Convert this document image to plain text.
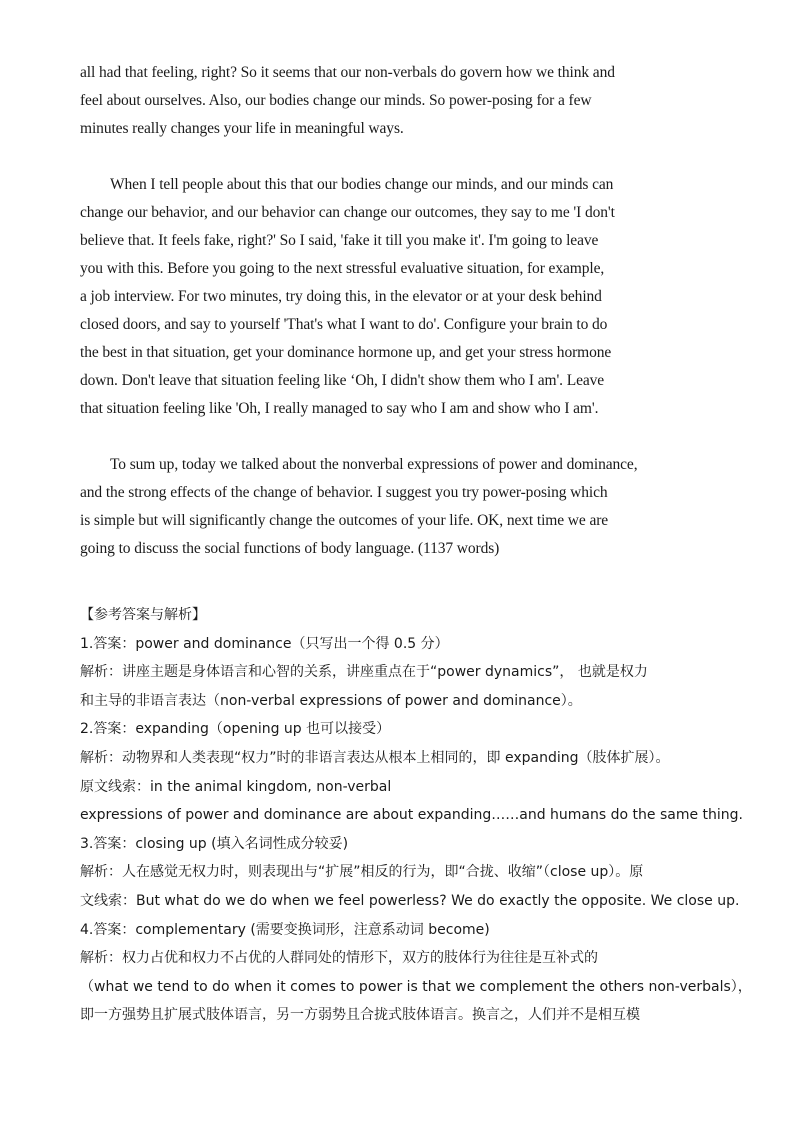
all had that feeling, right? So it seems that our non-verbals do govern how we think and
feel about ourselves. Also, our bodies change our minds. So power-posing for a few
minutes really changes your life in meaningful ways.
When I tell people about this that our bodies change our minds, and our minds can
change our behavior, and our behavior can change our outcomes, they say to me 'I don't
believe that. It feels fake, right?' So I said, 'fake it till you make it'. I'm going to leave
you with this. Before you going to the next stressful evaluative situation, for example,
a job interview. For two minutes, try doing this, in the elevator or at your desk behind
closed doors, and say to yourself 'That's what I want to do'. Configure your brain to do
the best in that situation, get your dominance hormone up, and get your stress hormone
down. Don't leave that situation feeling like ‘Oh, I didn't show them who I am'. Leave
that situation feeling like 'Oh, I really managed to say who I am and show who I am'.
To sum up, today we talked about the nonverbal expressions of power and dominance,
and the strong effects of the change of behavior. I suggest you try power-posing which
is simple but will significantly change the outcomes of your life. OK, next time we are
going to discuss the social functions of body language. (1137 words)
【参考答案与解析】
1.答案：power and dominance（只写出一个得 0.5 分）
解析：讲座主题是身体语言和心智的关系，讲座重点在于“power dynamics”， 也就是权力
和主导的非语言表达（non-verbal expressions of power and dominance）。
2.答案：expanding（opening up 也可以接受）
解析：动物界和人类表现“权力”时的非语言表达从根本上相同的，即 expanding（肢体扩展）。
原文线索：in the animal kingdom, non-verbal
expressions of power and dominance are about expanding……and humans do the same thing.
3.答案：closing up (填入名词性成分较妥)
解析：人在感觉无权力时，则表现出与“扩展”相反的行为，即“合拢、收缩”（close up）。原
文线索：But what do we do when we feel powerless? We do exactly the opposite. We close up.
4.答案：complementary (需要变换词形，注意系动词 become)
解析：权力占优和权力不占优的人群同处的情形下，双方的肢体行为往往是互补式的
（what we tend to do when it comes to power is that we complement the others non-verbals），
即一方强势且扩展式肢体语言，另一方弱势且合拢式肢体语言。换言之，人们并不是相互模
